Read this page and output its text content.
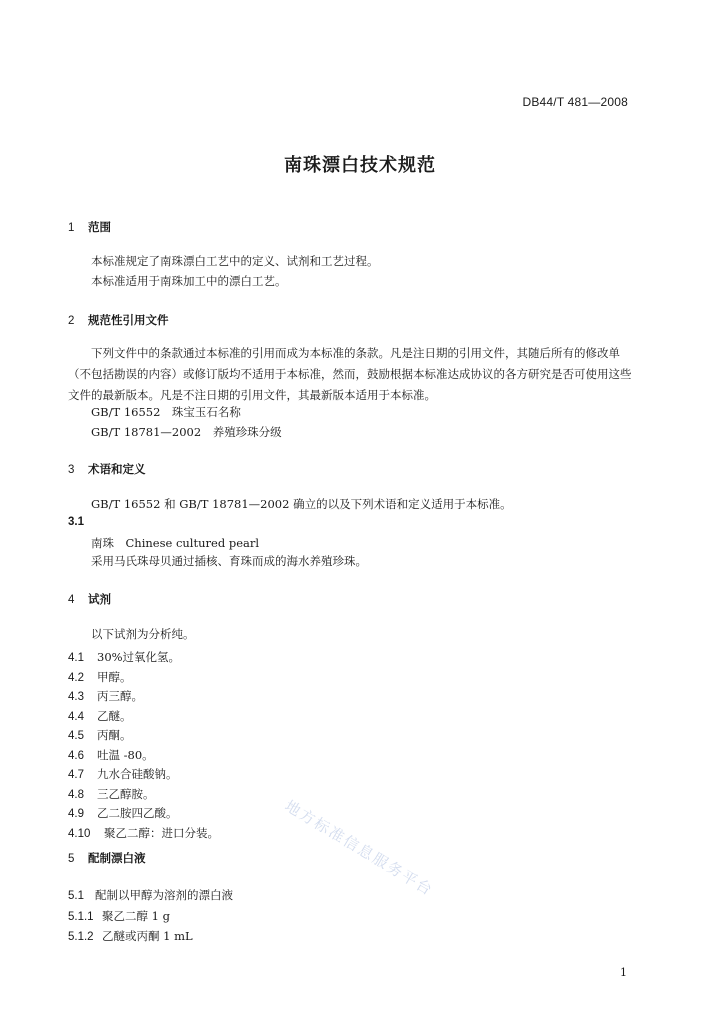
DB44/T 481—2008
南珠漂白技术规范
1 范围
本标准规定了南珠漂白工艺中的定义、试剂和工艺过程。
本标准适用于南珠加工中的漂白工艺。
2 规范性引用文件
下列文件中的条款通过本标准的引用而成为本标准的条款。凡是注日期的引用文件，其随后所有的修改单（不包括勘误的内容）或修订版均不适用于本标准，然而，鼓励根据本标准达成协议的各方研究是否可使用这些文件的最新版本。凡是不注日期的引用文件，其最新版本适用于本标准。
GB/T 16552　珠宝玉石名称
GB/T 18781—2002　养殖珍珠分级
3 术语和定义
GB/T 16552 和 GB/T 18781—2002 确立的以及下列术语和定义适用于本标准。
3.1
南珠　Chinese cultured pearl
采用马氏珠母贝通过插核、育珠而成的海水养殖珍珠。
4 试剂
以下试剂为分析纯。
4.1 30%过氧化氢。
4.2 甲醇。
4.3 丙三醇。
4.4 乙醚。
4.5 丙酮。
4.6 吐温 -80。
4.7 九水合硅酸钠。
4.8 三乙醇胺。
4.9 乙二胺四乙酸。
4.10 聚乙二醇：进口分装。
5 配制漂白液
5.1 配制以甲醇为溶剂的漂白液
5.1.1 聚乙二醇 1 g
5.1.2 乙醚或丙酮 1 mL
地方标准信息服务平台
1
